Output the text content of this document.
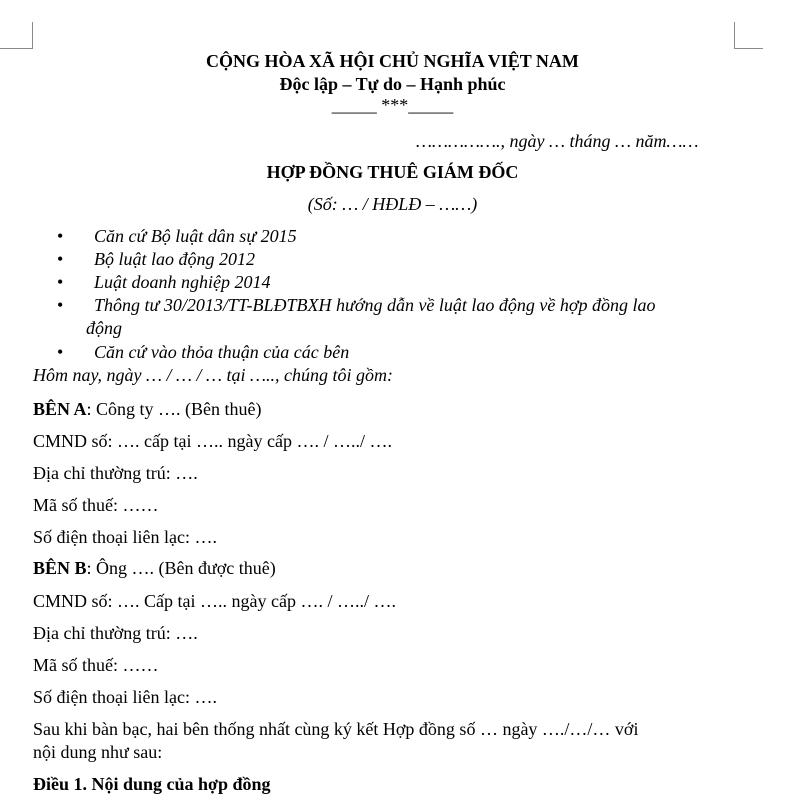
CỘNG HÒA XÃ HỘI CHỦ NGHĨA VIỆT NAM
Độc lập – Tự do – Hạnh phúc
_____ ***_____
……………., ngày … tháng … năm……
HỢP ĐỒNG THUÊ GIÁM ĐỐC
(Số: … / HĐLĐ – ……)
•
Căn cứ Bộ luật dân sự 2015
•
Bộ luật lao động 2012
•
Luật doanh nghiệp 2014
•
Thông tư 30/2013/TT-BLĐTBXH hướng dẫn về luật lao động về hợp đồng lao
động
•
Căn cứ vào thỏa thuận của các bên
Hôm nay, ngày … / … / … tại ….., chúng tôi gồm:
BÊN A: Công ty …. (Bên thuê)
CMND số: …. cấp tại ….. ngày cấp …. / …../ ….
Địa chỉ thường trú: ….
Mã số thuế: ……
Số điện thoại liên lạc: ….
BÊN B: Ông …. (Bên được thuê)
CMND số: …. Cấp tại ….. ngày cấp …. / …../ ….
Địa chỉ thường trú: ….
Mã số thuế: ……
Số điện thoại liên lạc: ….
Sau khi bàn bạc, hai bên thống nhất cùng ký kết Hợp đồng số … ngày …./…/… với
nội dung như sau:
Điều 1. Nội dung của hợp đồng
